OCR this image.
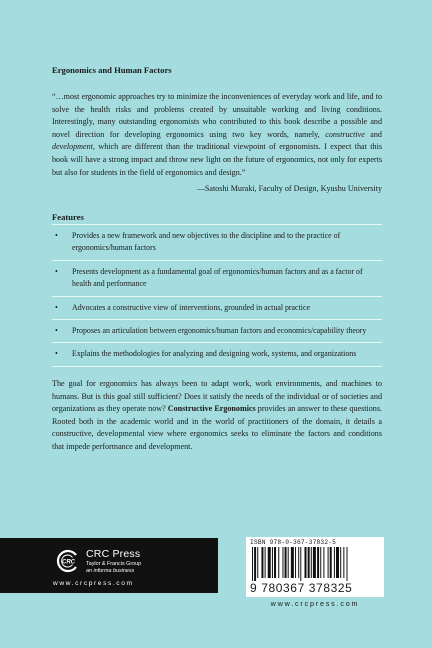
Ergonomics and Human Factors

“…most ergonomic approaches try to minimize the inconveniences of everyday work and life, and to solve the health risks and problems created by unsuitable working and living conditions. Interestingly, many outstanding ergonomists who contributed to this book describe a possible and novel direction for developing ergonomics using two key words, namely, constructive and development, which are different than the traditional viewpoint of ergonomists. I expect that this book will have a strong impact and throw new light on the future of ergonomics, not only for experts but also for students in the field of ergonomics and design.”

—Satoshi Muraki, Faculty of Design, Kyushu University
Features
• Provides a new framework and new objectives to the discipline and to the practice of ergonomics/human factors
• Presents development as a fundamental goal of ergonomics/human factors and as a factor of health and performance
• Advocates a constructive view of interventions, grounded in actual practice
• Proposes an articulation between ergonomics/human factors and economics/capability theory
• Explains the methodologies for analyzing and designing work, systems, and organizations
The goal for ergonomics has always been to adapt work, work environments, and machines to humans. But is this goal still sufficient? Does it satisfy the needs of the individual or of societies and organizations as they operate now? Constructive Ergonomics provides an answer to these questions. Rooted both in the academic world and in the world of practitioners of the domain, it details a constructive, developmental view where ergonomics seeks to eliminate the factors and conditions that impede performance and development.
CRC
CRC Press
Taylor & Francis Group
an informa business
www.crcpress.com
ISBN 978-0-367-37832-5
9 780367 378325
www.crcpress.com
